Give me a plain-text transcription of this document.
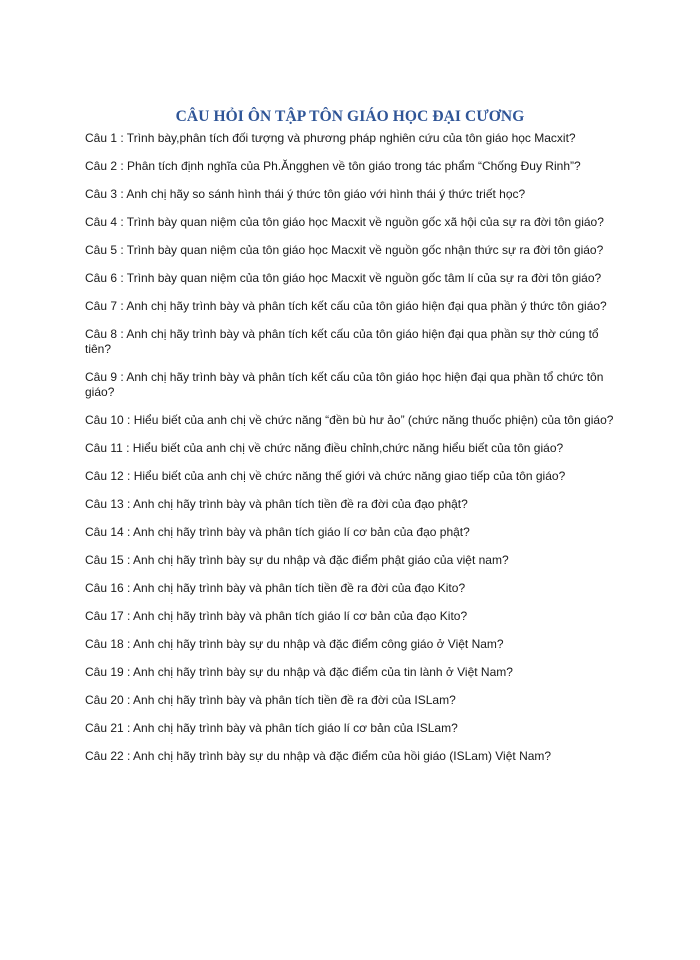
CÂU HỎI ÔN TẬP TÔN GIÁO HỌC ĐẠI CƯƠNG

Câu 1 : Trình bày,phân tích đối tượng và phương pháp nghiên cứu của tôn giáo học Macxit?

Câu 2 : Phân tích định nghĩa của Ph.Ăngghen về tôn giáo trong tác phẩm “Chống Đuy Rinh”?

Câu 3 : Anh chị hãy so sánh hình thái ý thức tôn giáo với hình thái ý thức triết học?

Câu 4 : Trình bày quan niệm của tôn giáo học Macxit về nguồn gốc xã hội của sự ra đời tôn giáo?

Câu 5 : Trình bày quan niệm của tôn giáo học Macxit về nguồn gốc nhận thức sự ra đời tôn giáo?

Câu 6 : Trình bày quan niệm của tôn giáo học Macxit về nguồn gốc tâm lí của sự ra đời tôn giáo?

Câu 7 : Anh chị hãy trình bày và phân tích kết cấu của tôn giáo hiện đại qua phần ý thức tôn giáo?

Câu 8 : Anh chị hãy trình bày và phân tích kết cấu của tôn giáo hiện đại qua phần sự thờ cúng tổ tiên?

Câu 9 : Anh chị hãy trình bày và phân tích kết cấu của tôn giáo học hiện đại qua phần tổ chức tôn giáo?

Câu 10 : Hiểu biết của anh chị về chức năng “đền bù hư ảo” (chức năng thuốc phiện) của tôn giáo?

Câu 11 : Hiểu biết của anh chị về chức năng điều chỉnh,chức năng hiểu biết của tôn giáo?

Câu 12 : Hiểu biết của anh chị về chức năng thế giới và chức năng giao tiếp của tôn giáo?

Câu 13 : Anh chị hãy trình bày và phân tích tiền đề ra đời của đạo phật?

Câu 14 : Anh chị hãy trình bày và phân tích giáo lí cơ bản của đạo phật?

Câu 15 : Anh chị hãy trình bày sự du nhập và đặc điểm phật giáo của việt nam?

Câu 16 : Anh chị hãy trình bày và phân tích tiền đề ra đời của đạo Kito?

Câu 17 : Anh chị hãy trình bày và phân tích giáo lí cơ bản của đạo Kito?

Câu 18 : Anh chị hãy trình bày sự du nhập và đặc điểm công giáo ở Việt Nam?

Câu 19 : Anh chị hãy trình bày sự du nhập và đặc điểm của tin lành ở Việt Nam?

Câu 20 : Anh chị hãy trình bày và phân tích tiền đề ra đời của ISLam?

Câu 21 : Anh chị hãy trình bày và phân tích giáo lí cơ bản của ISLam?

Câu 22 : Anh chị hãy trình bày sự du nhập và đặc điểm của hồi giáo (ISLam) Việt Nam?
